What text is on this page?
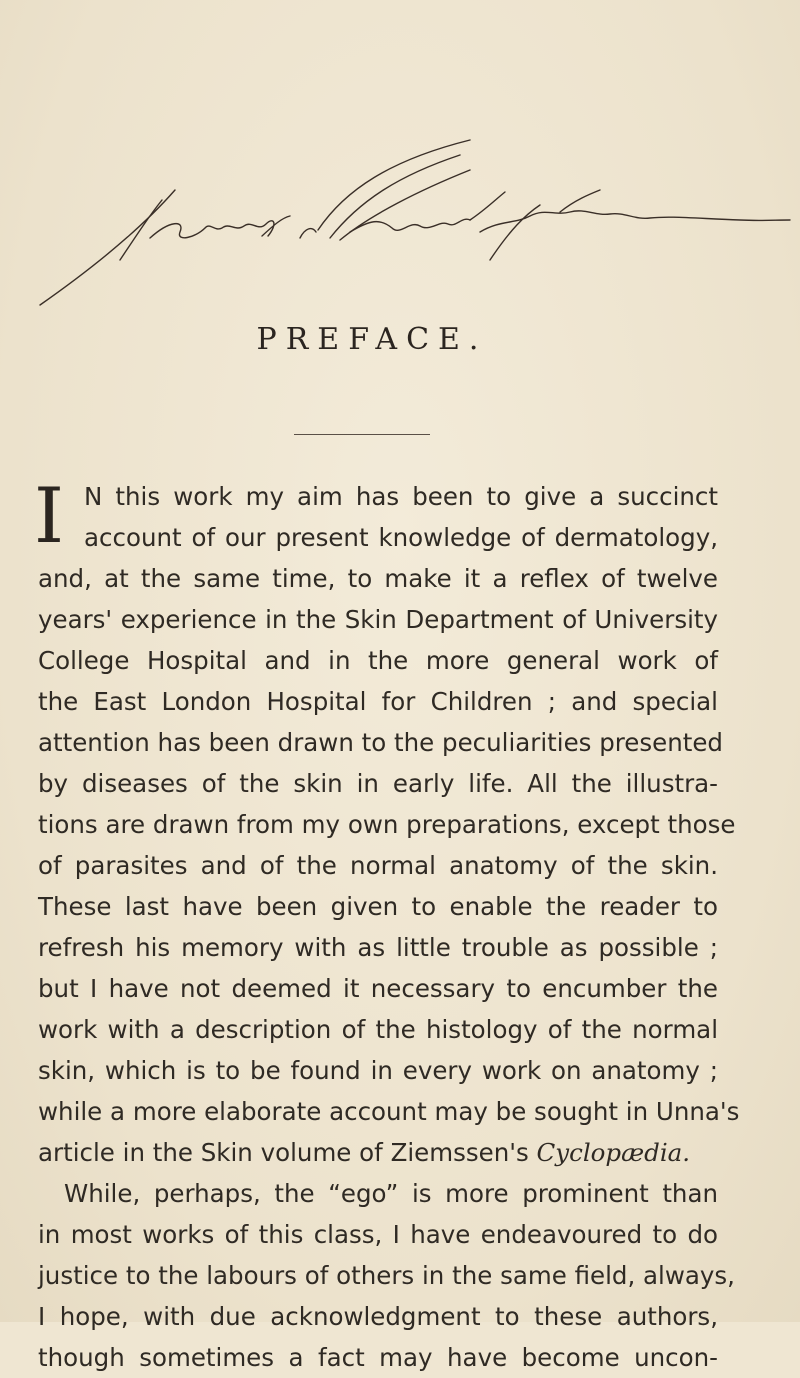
PREFACE.
I N this work my aim has been to give a succinct
account of our present knowledge of dermatology,
and, at the same time, to make it a reflex of twelve
years' experience in the Skin Department of University
College Hospital and in the more general work of
the East London Hospital for Children ; and special
attention has been drawn to the peculiarities presented
by diseases of the skin in early life. All the illustra-
tions are drawn from my own preparations, except those
of parasites and of the normal anatomy of the skin.
These last have been given to enable the reader to
refresh his memory with as little trouble as possible ;
but I have not deemed it necessary to encumber the
work with a description of the histology of the normal
skin, which is to be found in every work on anatomy ;
while a more elaborate account may be sought in Unna's
article in the Skin volume of Ziemssen's Cyclopædia.
While, perhaps, the “ego” is more prominent than
in most works of this class, I have endeavoured to do
justice to the labours of others in the same field, always,
I hope, with due acknowledgment to these authors,
though sometimes a fact may have become uncon-
